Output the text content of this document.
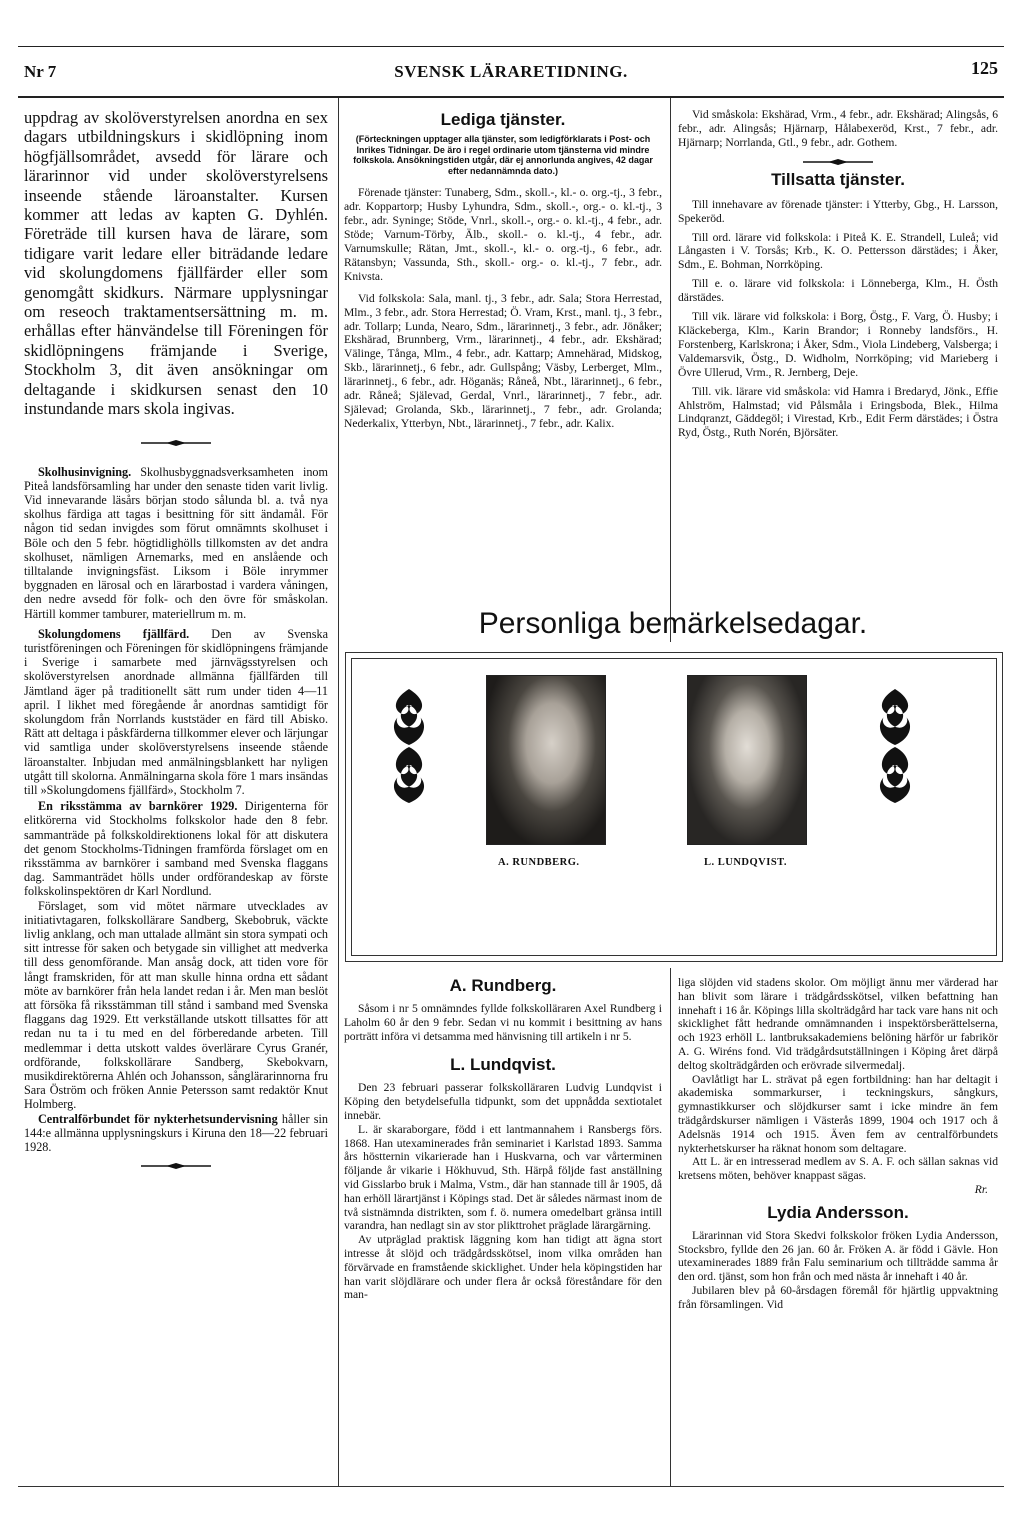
Nr 7	SVENSK LÄRARETIDNING.	125

uppdrag av skolöverstyrelsen anordna en sex dagars utbildningskurs i skidlöpning inom högfjällsområdet, avsedd för lärare och lärarinnor vid under skolöverstyrelsens inseende stående läroanstalter. Kursen kommer att ledas av kapten G. Dyhlén. Företräde till kursen hava de lärare, som tidigare varit ledare eller biträdande ledare vid skolungdomens fjällfärder eller som genomgått skidkurs. Närmare upplysningar om reseoch traktamentsersättning m. m. erhållas efter hänvändelse till Föreningen för skidlöpningens främjande i Sverige, Stockholm 3, dit även ansökningar om deltagande i skidkursen senast den 10 instundande mars skola ingivas.

Skolhusinvigning. Skolhusbyggnadsverksamheten inom Piteå landsförsamling har under den senaste tiden varit livlig. Vid innevarande läsårs början stodo sålunda bl. a. två nya skolhus färdiga att tagas i besittning för sitt ändamål. För någon tid sedan invigdes som förut omnämnts skolhuset i Böle och den 5 febr. högtidlighölls tillkomsten av det andra skolhuset, nämligen Arnemarks, med en anslående och tilltalande invigningsfäst. Liksom i Böle inrymmer byggnaden en lärosal och en lärarbostad i vardera våningen, den nedre avsedd för folk- och den övre för småskolan. Härtill kommer tamburer, materiellrum m. m.

Skolungdomens fjällfärd. Den av Svenska turistföreningen och Föreningen för skidlöpningens främjande i Sverige i samarbete med järnvägsstyrelsen och skolöverstyrelsen anordnade allmänna fjällfärden till Jämtland äger på traditionellt sätt rum under tiden 4—11 april. I likhet med föregående år anordnas samtidigt för skolungdom från Norrlands kuststäder en färd till Abisko. Rätt att deltaga i påskfärderna tillkommer elever och lärjungar vid samtliga under skolöverstyrelsens inseende stående läroanstalter. Inbjudan med anmälningsblankett har nyligen utgått till skolorna. Anmälningarna skola före 1 mars insändas till »Skolungdomens fjällfärd», Stockholm 7.

En riksstämma av barnkörer 1929. Dirigenterna för elitkörerna vid Stockholms folkskolor hade den 8 febr. sammanträde på folkskoldirektionens lokal för att diskutera det genom Stockholms-Tidningen framförda förslaget om en riksstämma av barnkörer i samband med Svenska flaggans dag. Sammanträdet hölls under ordförandeskap av förste folkskolinspektören dr Karl Nordlund.

Förslaget, som vid mötet närmare utvecklades av initiativtagaren, folkskollärare Sandberg, Skebobruk, väckte livlig anklang, och man uttalade allmänt sin stora sympati och sitt intresse för saken och betygade sin villighet att medverka till dess genomförande. Man ansåg dock, att tiden vore för långt framskriden, för att man skulle hinna ordna ett sådant möte av barnkörer från hela landet redan i år. Men man beslöt att försöka få riksstämman till stånd i samband med Svenska flaggans dag 1929. Ett verkställande utskott tillsattes för att redan nu ta i tu med en del förberedande arbeten. Till medlemmar i detta utskott valdes överlärare Cyrus Granér, ordförande, folkskollärare Sandberg, Skebokvarn, musikdirektörerna Ahlén och Johansson, sånglärarinnorna fru Sara Öström och fröken Annie Petersson samt redaktör Knut Holmberg.

Centralförbundet för nykterhetsundervisning håller sin 144:e allmänna upplysningskurs i Kiruna den 18—22 februari 1928.

Lediga tjänster.
(Förteckningen upptager alla tjänster, som ledigförklarats i Post- och Inrikes Tidningar. De äro i regel ordinarie utom tjänsterna vid mindre folkskola. Ansökningstiden utgår, där ej annorlunda angives, 42 dagar efter nedannämnda dato.)

Förenade tjänster: Tunaberg, Sdm., skoll.-, kl.- o. org.-tj., 3 febr., adr. Koppartorp; Husby Lyhundra, Sdm., skoll.-, org.- o. kl.-tj., 3 febr., adr. Syninge; Stöde, Vnrl., skoll.-, org.- o. kl.-tj., 4 febr., adr. Stöde; Varnum-Törby, Älb., skoll.- o. kl.-tj., 4 febr., adr. Varnumskulle; Rätan, Jmt., skoll.-, kl.- o. org.-tj., 6 febr., adr. Rätansbyn; Vassunda, Sth., skoll.- org.- o. kl.-tj., 7 febr., adr. Knivsta.

Vid folkskola: Sala, manl. tj., 3 febr., adr. Sala; Stora Herrestad, Mlm., 3 febr., adr. Stora Herrestad; Ö. Vram, Krst., manl. tj., 3 febr., adr. Tollarp; Lunda, Nearo, Sdm., lärarinnetj., 3 febr., adr. Jönåker; Ekshärad, Brunnberg, Vrm., lärarinnetj., 4 febr., adr. Ekshärad; Välinge, Tånga, Mlm., 4 febr., adr. Kattarp; Amnehärad, Midskog, Skb., lärarinnetj., 6 febr., adr. Gullspång; Väsby, Lerberget, Mlm., lärarinnetj., 6 febr., adr. Höganäs; Råneå, Nbt., lärarinnetj., 6 febr., adr. Råneå; Själevad, Gerdal, Vnrl., lärarinnetj., 7 febr., adr. Själevad; Grolanda, Skb., lärarinnetj., 7 febr., adr. Grolanda; Nederkalix, Ytterbyn, Nbt., lärarinnetj., 7 febr., adr. Kalix.

Vid småskola: Ekshärad, Vrm., 4 febr., adr. Ekshärad; Alingsås, 6 febr., adr. Alingsås; Hjärnarp, Hålabexeröd, Krst., 7 febr., adr. Hjärnarp; Norrlanda, Gtl., 9 febr., adr. Gothem.

Tillsatta tjänster.

Till innehavare av förenade tjänster: i Ytterby, Gbg., H. Larsson, Spekeröd.

Till ord. lärare vid folkskola: i Piteå K. E. Strandell, Luleå; vid Långasten i V. Torsås; Krb., K. O. Pettersson därstädes; i Åker, Sdm., E. Bohman, Norrköping.

Till e. o. lärare vid folkskola: i Lönneberga, Klm., H. Östh därstädes.

Till vik. lärare vid folkskola: i Borg, Östg., F. Varg, Ö. Husby; i Kläckeberga, Klm., Karin Brandor; i Ronneby landsförs., H. Forstenberg, Karlskrona; i Åker, Sdm., Viola Lindeberg, Valsberga; i Valdemarsvik, Östg., D. Widholm, Norrköping; vid Marieberg i Övre Ullerud, Vrm., R. Jernberg, Deje.

Till. vik. lärare vid småskola: vid Hamra i Bredaryd, Jönk., Effie Ahlström, Halmstad; vid Pålsmåla i Eringsboda, Blek., Hilma Lindqranzt, Gäddegöl; i Virestad, Krb., Edit Ferm därstädes; i Östra Ryd, Östg., Ruth Norén, Björsäter.

Personliga bemärkelsedagar.
A. RUNDBERG.	L. LUNDQVIST.
A. Rundberg.

Såsom i nr 5 omnämndes fyllde folkskolläraren Axel Rundberg i Laholm 60 år den 9 febr. Sedan vi nu kommit i besittning av hans porträtt införa vi detsamma med hänvisning till artikeln i nr 5.

L. Lundqvist.

Den 23 februari passerar folkskolläraren Ludvig Lundqvist i Köping den betydelsefulla tidpunkt, som det uppnådda sextiotalet innebär.

L. är skaraborgare, född i ett lantmannahem i Ransbergs förs. 1868. Han utexaminerades från seminariet i Karlstad 1893. Samma års höstternin vikarierade han i Huskvarna, och var vårterminen följande år vikarie i Hökhuvud, Sth. Härpå följde fast anställning vid Gisslarbo bruk i Malma, Vstm., där han stannade till år 1905, då han erhöll lärartjänst i Köpings stad. Det är således närmast inom de två sistnämnda distrikten, som f. ö. numera omedelbart gränsa intill varandra, han nedlagt sin av stor plikttrohet präglade lärargärning.

Av utpräglad praktisk läggning kom han tidigt att ägna stort intresse åt slöjd och trädgårdsskötsel, inom vilka områden han förvärvade en framstående skicklighet. Under hela köpingstiden har han varit slöjdlärare och under flera år också föreståndare för den man-

liga slöjden vid stadens skolor. Om möjligt ännu mer värderad har han blivit som lärare i trädgårdsskötsel, vilken befattning han innehaft i 16 år. Köpings lilla skolträdgård har tack vare hans nit och skicklighet fått hedrande omnämnanden i inspektörsberättelserna, och 1923 erhöll L. lantbruksakademiens belöning härför ur fabrikör A. G. Wiréns fond. Vid trädgårdsutställningen i Köping året därpå deltog skolträdgården och erövrade silvermedalj.

Oavlåtligt har L. strävat på egen fortbildning: han har deltagit i akademiska sommarkurser, i teckningskurs, sångkurs, gymnastikkurser och slöjdkurser samt i icke mindre än fem trädgårdskurser nämligen i Västerås 1899, 1904 och 1917 och å Adelsnäs 1914 och 1915. Även fem av centralförbundets nykterhetskurser ha räknat honom som deltagare.

Att L. är en intresserad medlem av S. A. F. och sällan saknas vid kretsens möten, behöver knappast sägas.

Rr.
Lydia Andersson.

Lärarinnan vid Stora Skedvi folkskolor fröken Lydia Andersson, Stocksbro, fyllde den 26 jan. 60 år. Fröken A. är född i Gävle. Hon utexaminerades 1889 från Falu seminarium och tillträdde samma år den ord. tjänst, som hon från och med nästa år innehaft i 40 år.

Jubilaren blev på 60-årsdagen föremål för hjärtlig uppvaktning från församlingen. Vid
